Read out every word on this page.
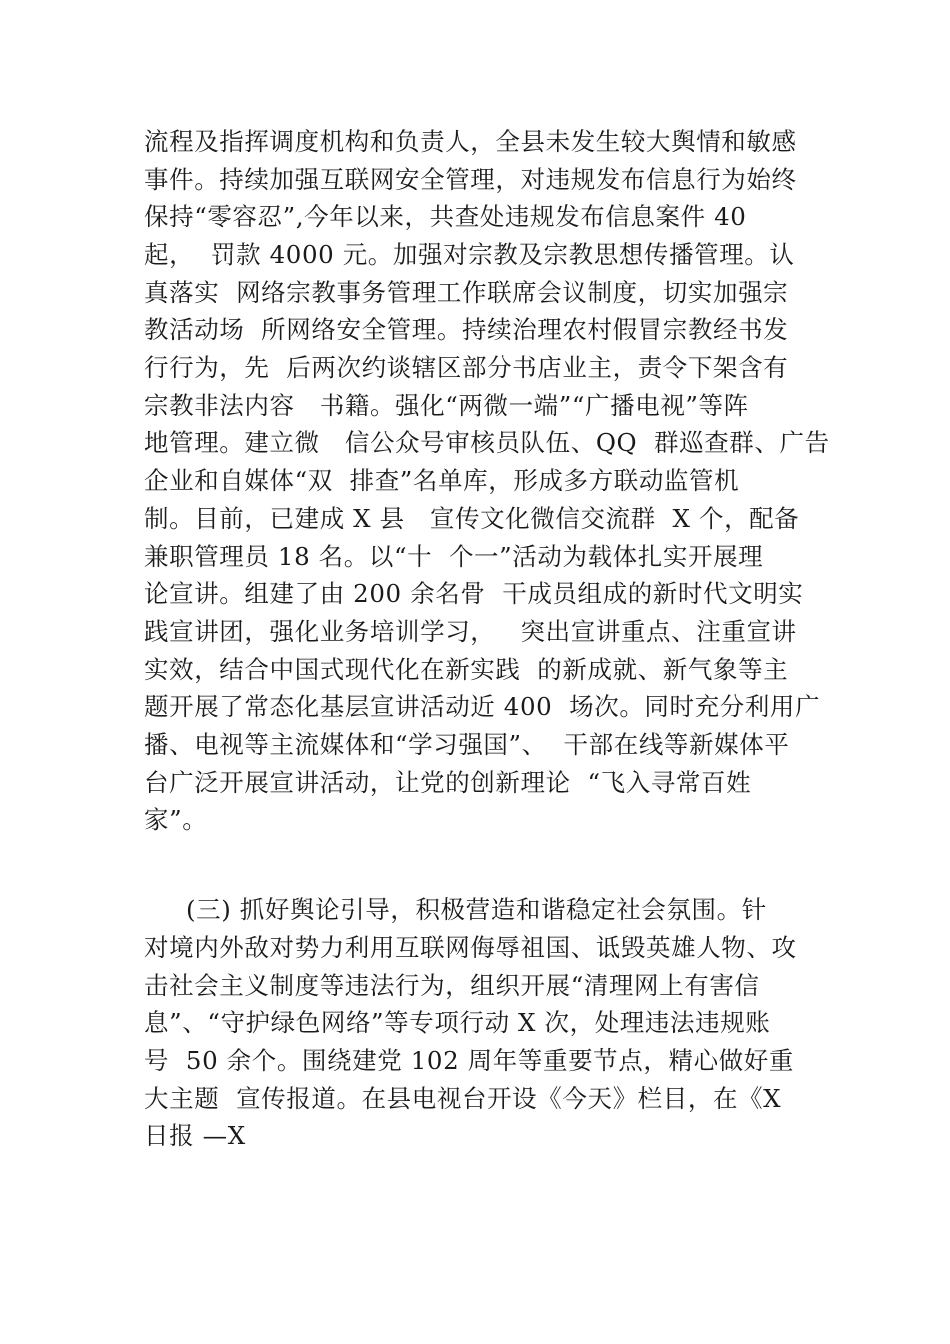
流程及指挥调度机构和负责人，全县未发生较大舆情和敏感
事件。持续加强互联网安全管理，对违规发布信息行为始终
保持“零容忍”,今年以来，共查处违规发布信息案件 40
起，  罚款 4000 元。加强对宗教及宗教思想传播管理。认
真落实  网络宗教事务管理工作联席会议制度，切实加强宗
教活动场  所网络安全管理。持续治理农村假冒宗教经书发
行行为，先  后两次约谈辖区部分书店业主，责令下架含有
宗教非法内容   书籍。强化“两微一端”“广播电视”等阵
地管理。建立微   信公众号审核员队伍、QQ  群巡查群、广告
企业和自媒体“双  排查”名单库，形成多方联动监管机
制。目前，已建成 X 县   宣传文化微信交流群  X 个，配备
兼职管理员 18 名。以“十  个一”活动为载体扎实开展理
论宣讲。组建了由 200 余名骨  干成员组成的新时代文明实
践宣讲团，强化业务培训学习，   突出宣讲重点、注重宣讲
实效，结合中国式现代化在新实践  的新成就、新气象等主
题开展了常态化基层宣讲活动近 400  场次。同时充分利用广
播、电视等主流媒体和“学习强国”、  干部在线等新媒体平
台广泛开展宣讲活动，让党的创新理论  “飞入寻常百姓
家”。
(三) 抓好舆论引导，积极营造和谐稳定社会氛围。针
对境内外敌对势力利用互联网侮辱祖国、诋毁英雄人物、攻
击社会主义制度等违法行为，组织开展“清理网上有害信
息”、“守护绿色网络”等专项行动 X 次，处理违法违规账
号  50 余个。围绕建党 102 周年等重要节点，精心做好重
大主题  宣传报道。在县电视台开设《今天》栏目，在《X
日报 —X
